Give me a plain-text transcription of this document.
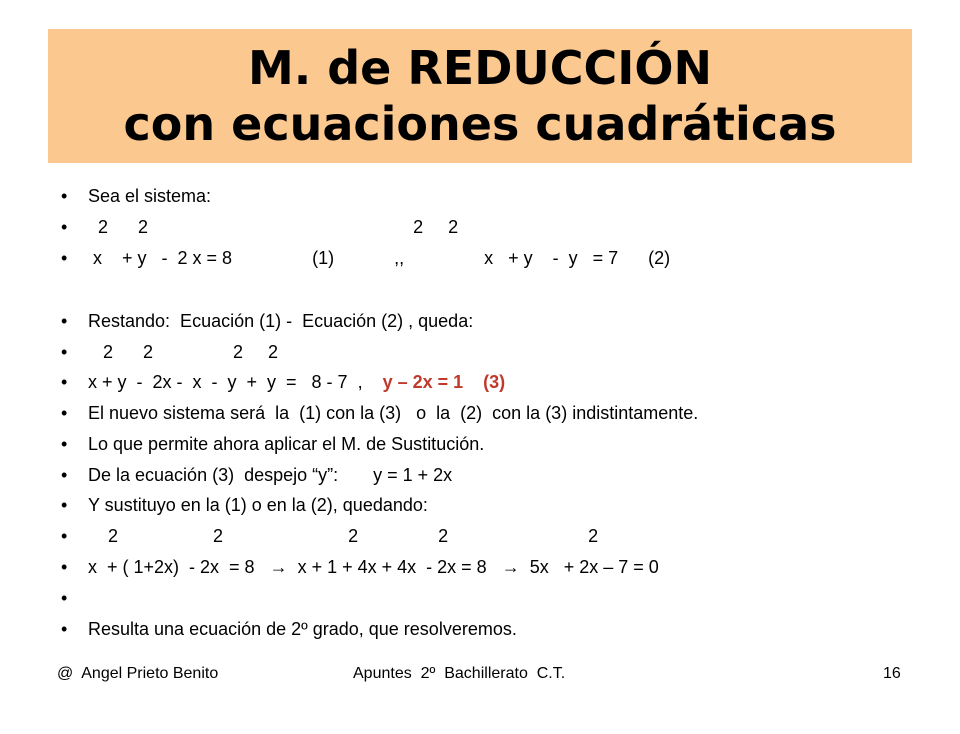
M. de REDUCCIÓN
con ecuaciones cuadráticas

•

Sea el sistema:

•

2      2                                                     2     2

•

x    + y   -  2 x = 8                (1)            ,,                x   + y    -  y   = 7      (2)

•

Restando:  Ecuación (1) -  Ecuación (2) , queda:

•

2      2                2     2

•

x + y  -  2x -  x  -  y  +  y  =   8 - 7  ,    y – 2x = 1    (3)

•

El nuevo sistema será  la  (1) con la (3)   o  la  (2)  con la (3) indistintamente.

•

Lo que permite ahora aplicar el M. de Sustitución.

•

De la ecuación (3)  despejo “y”:       y = 1 + 2x

•

Y sustituyo en la (1) o en la (2), quedando:

•

2                   2                         2                2                            2

•

x  + ( 1+2x)  - 2x  = 8   →  x + 1 + 4x + 4x  - 2x = 8   →  5x   + 2x – 7 = 0

•

•

Resulta una ecuación de 2º grado, que resolveremos.

@  Angel Prieto Benito	Apuntes  2º  Bachillerato  C.T.	16
